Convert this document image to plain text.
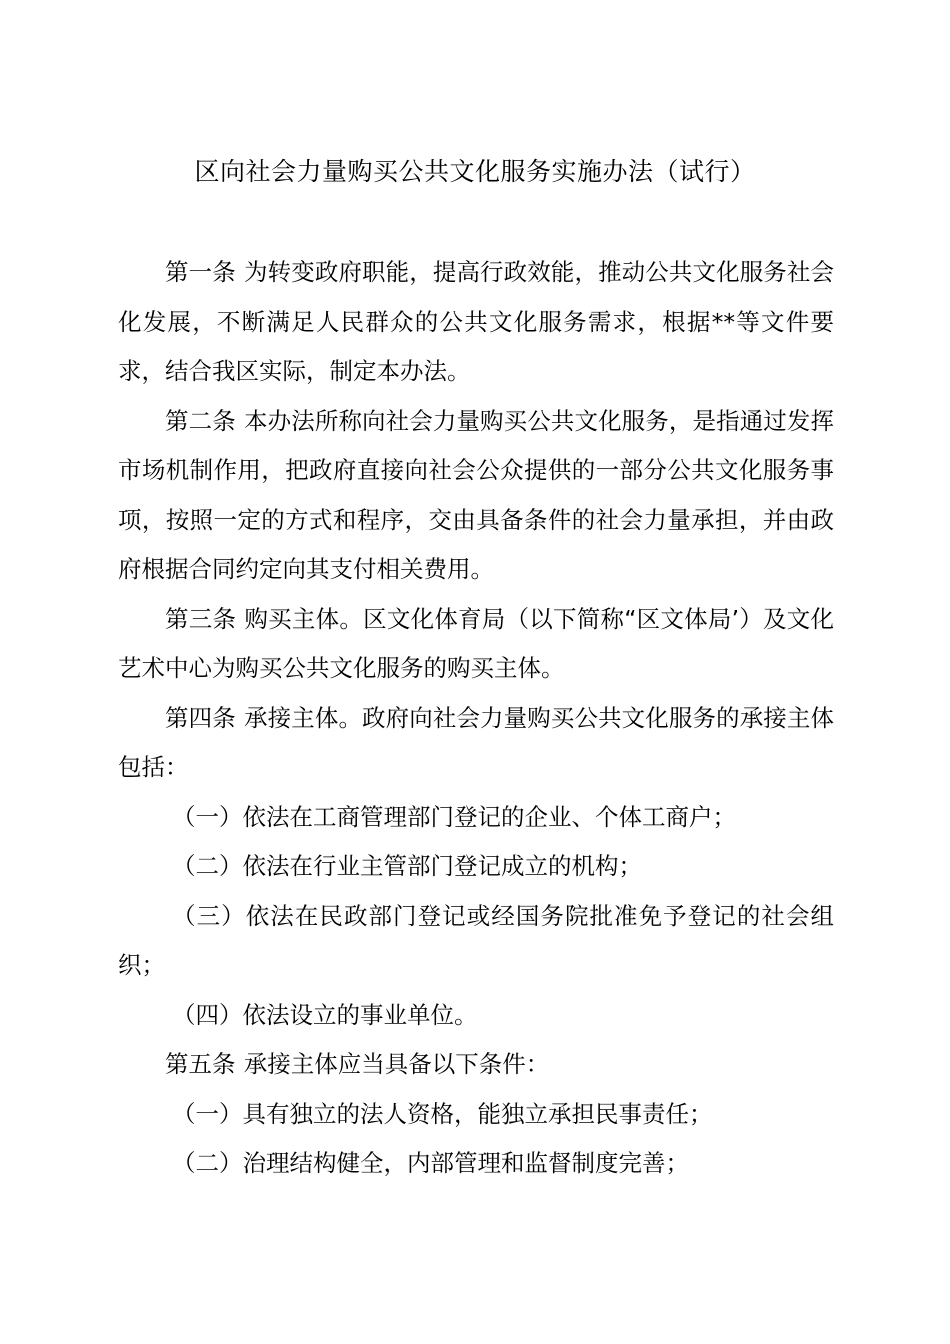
区向社会力量购买公共文化服务实施办法（试行）

第一条 为转变政府职能，提高行政效能，推动公共文化服务社会化发展，不断满足人民群众的公共文化服务需求，根据**等文件要求，结合我区实际，制定本办法。

第二条 本办法所称向社会力量购买公共文化服务，是指通过发挥市场机制作用，把政府直接向社会公众提供的一部分公共文化服务事项，按照一定的方式和程序，交由具备条件的社会力量承担，并由政府根据合同约定向其支付相关费用。

第三条 购买主体。区文化体育局（以下简称“区文体局’）及文化艺术中心为购买公共文化服务的购买主体。

第四条 承接主体。政府向社会力量购买公共文化服务的承接主体包括：

（一）依法在工商管理部门登记的企业、个体工商户；

（二）依法在行业主管部门登记成立的机构；

（三）依法在民政部门登记或经国务院批准免予登记的社会组织；

（四）依法设立的事业单位。

第五条 承接主体应当具备以下条件：

（一）具有独立的法人资格，能独立承担民事责任；

（二）治理结构健全，内部管理和监督制度完善；
